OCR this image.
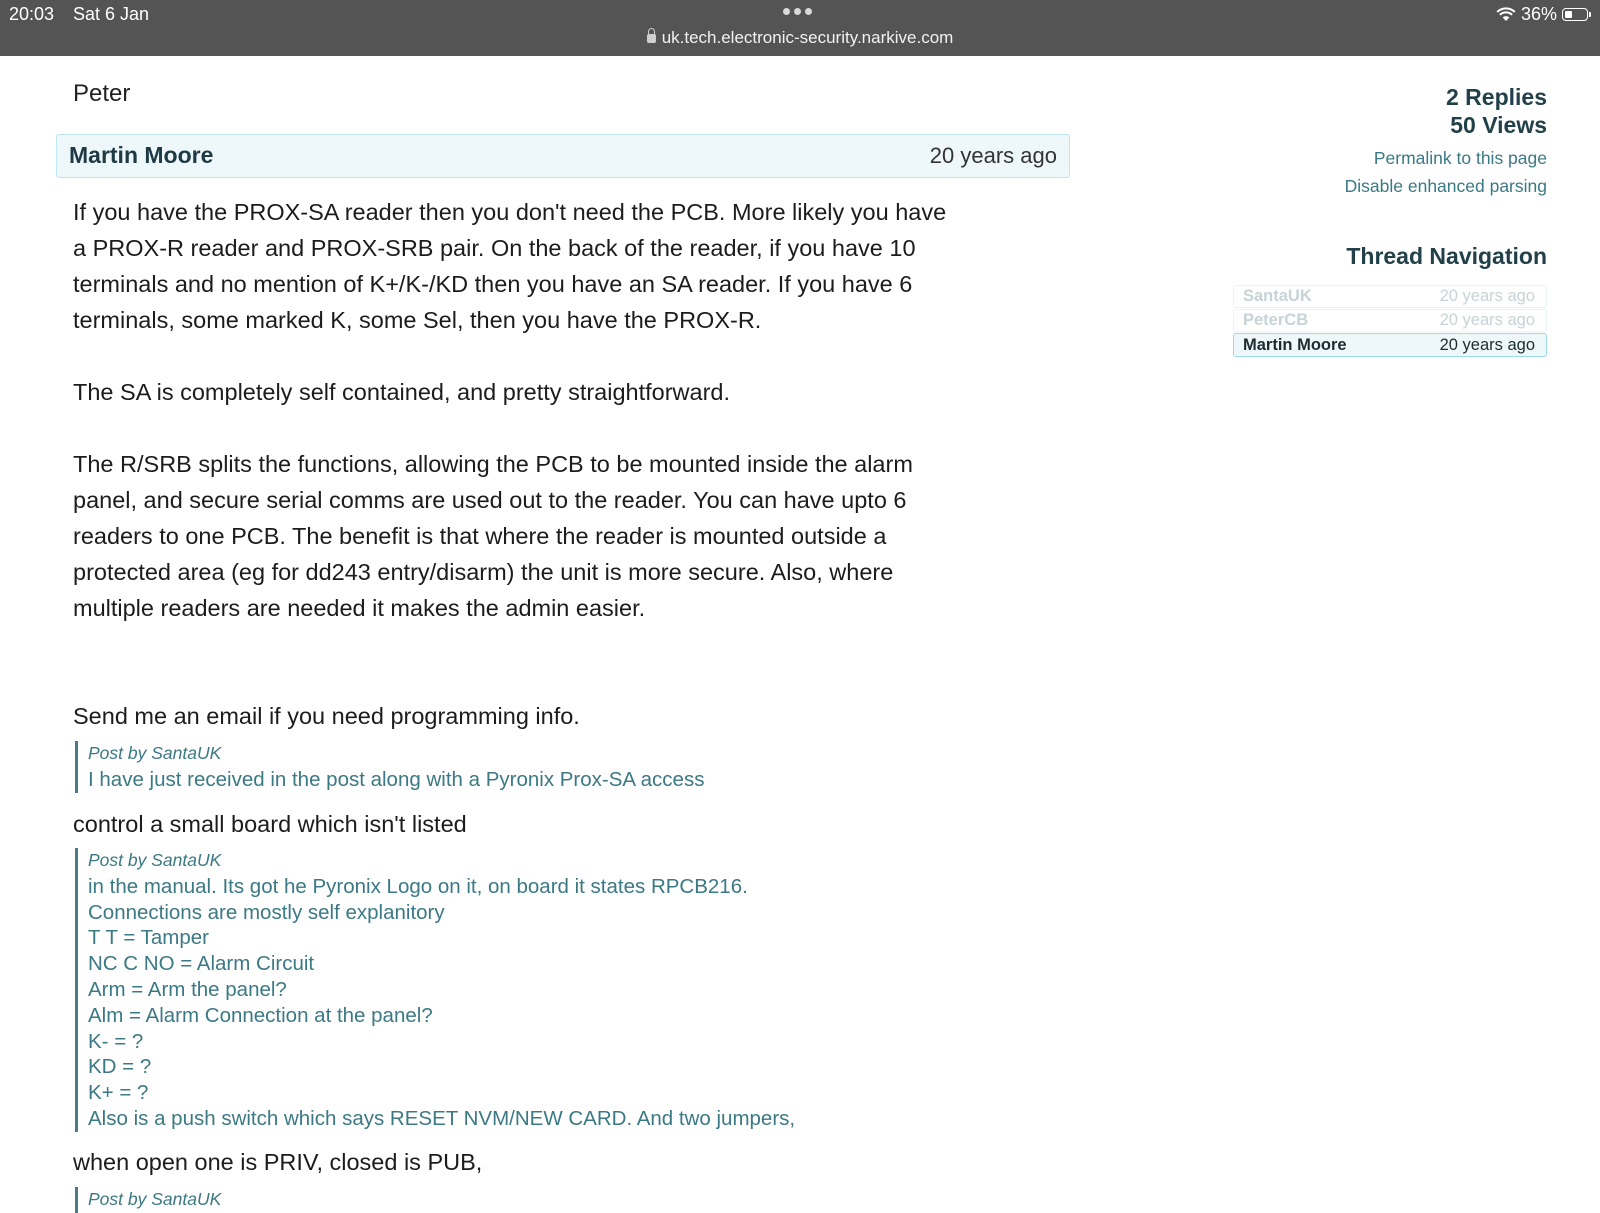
20:03 Sat 6 Jan	36%
uk.tech.electronic-security.narkive.com
Peter
Martin Moore	20 years ago

If you have the PROX-SA reader then you don't need the PCB. More likely you have a PROX-R reader and PROX-SRB pair. On the back of the reader, if you have 10 terminals and no mention of K+/K-/KD then you have an SA reader. If you have 6 terminals, some marked K, some Sel, then you have the PROX-R.

The SA is completely self contained, and pretty straightforward.

The R/SRB splits the functions, allowing the PCB to be mounted inside the alarm panel, and secure serial comms are used out to the reader. You can have upto 6 readers to one PCB. The benefit is that where the reader is mounted outside a protected area (eg for dd243 entry/disarm) the unit is more secure. Also, where multiple readers are needed it makes the admin easier.

Send me an email if you need programming info.

Post by SantaUK
I have just received in the post along with a Pyronix Prox-SA access

control a small board which isn't listed

Post by SantaUK
in the manual. Its got he Pyronix Logo on it, on board it states RPCB216.
Connections are mostly self explanitory
T T = Tamper
NC C NO = Alarm Circuit
Arm = Arm the panel?
Alm = Alarm Connection at the panel?
K- = ?
KD = ?
K+ = ?
Also is a push switch which says RESET NVM/NEW CARD. And two jumpers,

when open one is PRIV, closed is PUB,

Post by SantaUK
2 Replies
50 Views
Permalink to this page
Disable enhanced parsing
Thread Navigation
SantaUK	20 years ago
PeterCB	20 years ago
Martin Moore	20 years ago
